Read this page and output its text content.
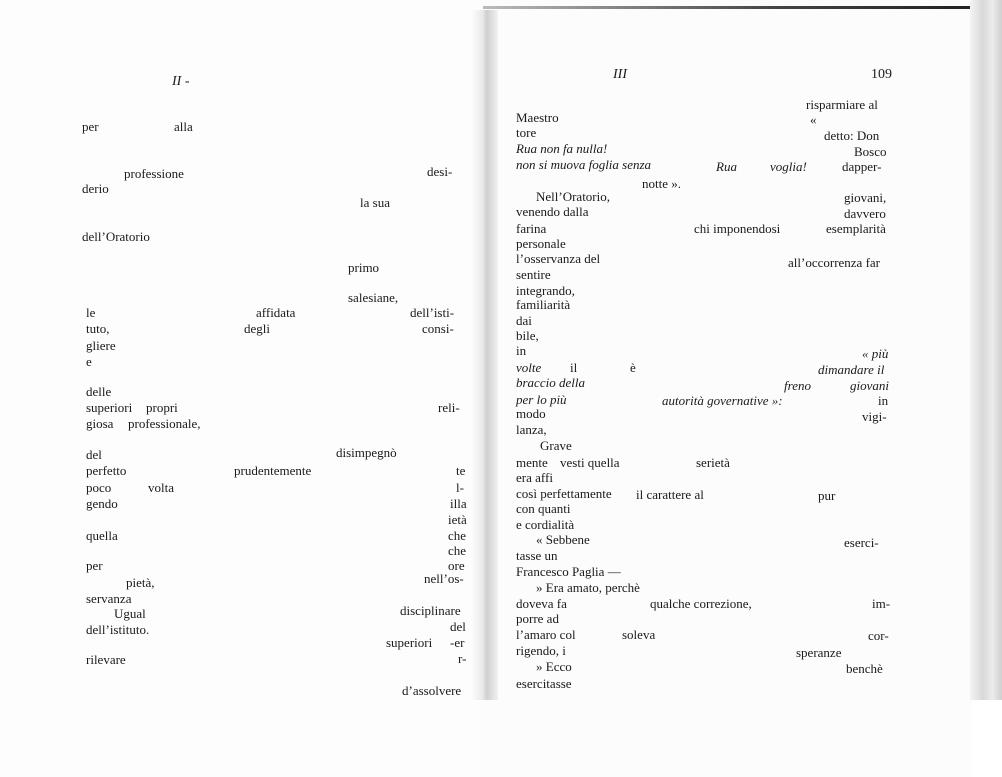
II -
per	alla
professione	desi-
derio
la sua
dell’Oratorio
primo
salesiane,
le	affidata	dell’isti-
tuto,	degli	consi-
gliere
e
delle
superiori propri	reli-
giosa professionale,
del	disimpegnò
perfetto	prudentemente
poco	volta
gendo
quella
per
pietà,	nell’os-
servanza
Ugual	disciplinare
del
dell’istituto.
superiori
rilevare
d’assolvere
te
l-
illa
ietà
che
che
ore
-er
r-
III	109
Maestro
risparmiare al
«
tore	detto: Don
Rua non fa nulla!	Bosco
non si muova foglia senza	Rua	voglia!	dapper-
notte ».
Nell’Oratorio,	giovani,
venendo dalla	davvero
farina	chi imponendosi	esemplarità
personale
l’osservanza del	all’occorrenza far
sentire
integrando,
familiarità
dai
bile,
in	« più
volte il	è	dimandare il
braccio della	freno	giovani
per lo più	autorità governative »:	in
modo	vigi-
lanza,
Grave
mente vesti quella	serietà
era affi
così perfettamente il carattere al	pur
con quanti
e cordialità
« Sebbene	eserci-
tasse un
Francesco Paglia —
» Era amato, perchè
doveva fa	qualche correzione,	im-
porre ad
l’amaro col	soleva	cor-
rigendo, i	speranze
» Ecco	benchè
esercitasse
